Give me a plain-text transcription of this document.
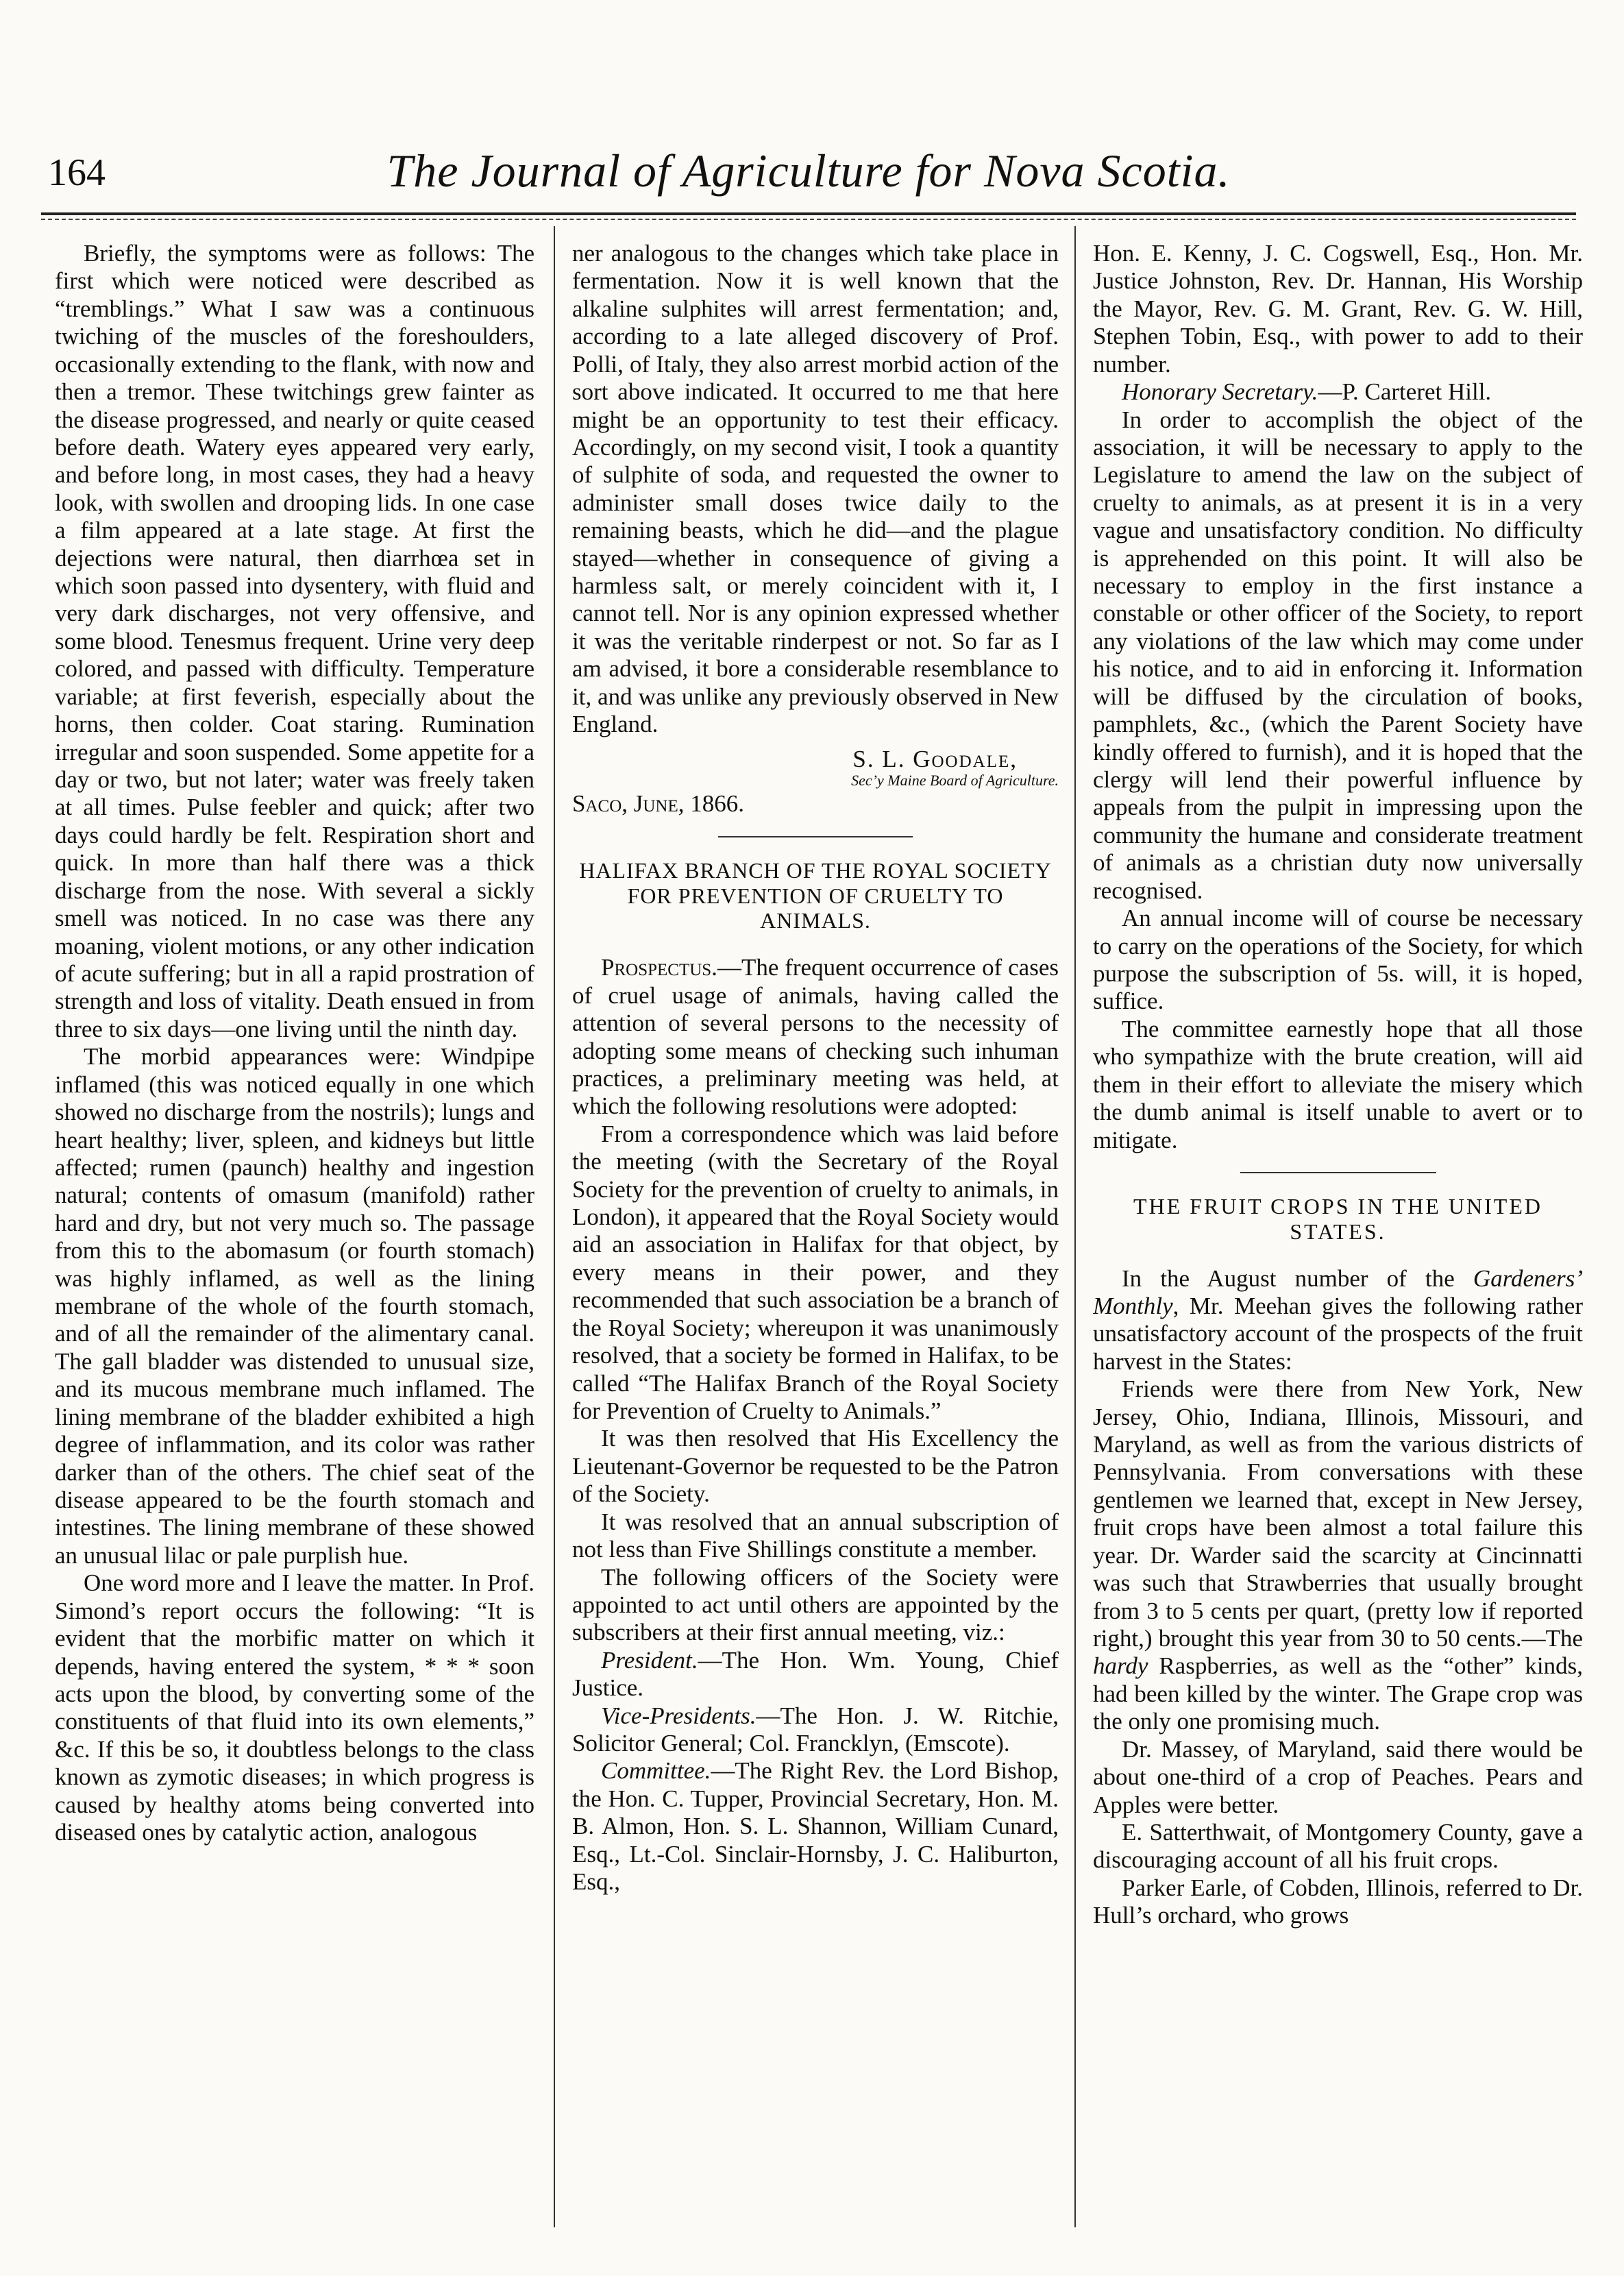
164	The Journal of Agriculture for Nova Scotia.

Briefly, the symptoms were as follows: The first which were noticed were described as “tremblings.” What I saw was a continuous twiching of the muscles of the foreshoulders, occasionally extending to the flank, with now and then a tremor. These twitchings grew fainter as the disease progressed, and nearly or quite ceased before death. Watery eyes appeared very early, and before long, in most cases, they had a heavy look, with swollen and drooping lids. In one case a film appeared at a late stage. At first the dejections were natural, then diarrhœa set in which soon passed into dysentery, with fluid and very dark discharges, not very offensive, and some blood. Tenesmus frequent. Urine very deep colored, and passed with difficulty. Temperature variable; at first feverish, especially about the horns, then colder. Coat staring. Rumination irregular and soon suspended. Some appetite for a day or two, but not later; water was freely taken at all times. Pulse feebler and quick; after two days could hardly be felt. Respiration short and quick. In more than half there was a thick discharge from the nose. With several a sickly smell was noticed. In no case was there any moaning, violent motions, or any other indication of acute suffering; but in all a rapid prostration of strength and loss of vitality. Death ensued in from three to six days—one living until the ninth day.

The morbid appearances were: Windpipe inflamed (this was noticed equally in one which showed no discharge from the nostrils); lungs and heart healthy; liver, spleen, and kidneys but little affected; rumen (paunch) healthy and ingestion natural; contents of omasum (manifold) rather hard and dry, but not very much so. The passage from this to the abomasum (or fourth stomach) was highly inflamed, as well as the lining membrane of the whole of the fourth stomach, and of all the remainder of the alimentary canal. The gall bladder was distended to unusual size, and its mucous membrane much inflamed. The lining membrane of the bladder exhibited a high degree of inflammation, and its color was rather darker than of the others. The chief seat of the disease appeared to be the fourth stomach and intestines. The lining membrane of these showed an unusual lilac or pale purplish hue.

One word more and I leave the matter. In Prof. Simond’s report occurs the following: “It is evident that the morbific matter on which it depends, having entered the system, * * * soon acts upon the blood, by converting some of the constituents of that fluid into its own elements,” &c. If this be so, it doubtless belongs to the class known as zymotic diseases; in which progress is caused by healthy atoms being converted into diseased ones by catalytic action, analogous

ner analogous to the changes which take place in fermentation. Now it is well known that the alkaline sulphites will arrest fermentation; and, according to a late alleged discovery of Prof. Polli, of Italy, they also arrest morbid action of the sort above indicated. It occurred to me that here might be an opportunity to test their efficacy. Accordingly, on my second visit, I took a quantity of sulphite of soda, and requested the owner to administer small doses twice daily to the remaining beasts, which he did—and the plague stayed—whether in consequence of giving a harmless salt, or merely coincident with it, I cannot tell. Nor is any opinion expressed whether it was the veritable rinderpest or not. So far as I am advised, it bore a considerable resemblance to it, and was unlike any previously observed in New England.

S. L. Goodale,

Sec’y Maine Board of Agriculture.

Saco, June, 1866.

HALIFAX BRANCH OF THE ROYAL SOCIETY FOR PREVENTION OF CRUELTY TO ANIMALS.

Prospectus.—The frequent occurrence of cases of cruel usage of animals, having called the attention of several persons to the necessity of adopting some means of checking such inhuman practices, a preliminary meeting was held, at which the following resolutions were adopted:

From a correspondence which was laid before the meeting (with the Secretary of the Royal Society for the prevention of cruelty to animals, in London), it appeared that the Royal Society would aid an association in Halifax for that object, by every means in their power, and they recommended that such association be a branch of the Royal Society; whereupon it was unanimously resolved, that a society be formed in Halifax, to be called “The Halifax Branch of the Royal Society for Prevention of Cruelty to Animals.”

It was then resolved that His Excellency the Lieutenant-Governor be requested to be the Patron of the Society.

It was resolved that an annual subscription of not less than Five Shillings constitute a member.

The following officers of the Society were appointed to act until others are appointed by the subscribers at their first annual meeting, viz.:

President.—The Hon. Wm. Young, Chief Justice.

Vice-Presidents.—The Hon. J. W. Ritchie, Solicitor General; Col. Francklyn, (Emscote).

Committee.—The Right Rev. the Lord Bishop, the Hon. C. Tupper, Provincial Secretary, Hon. M. B. Almon, Hon. S. L. Shannon, William Cunard, Esq., Lt.-Col. Sinclair-Hornsby, J. C. Haliburton, Esq.,

Hon. E. Kenny, J. C. Cogswell, Esq., Hon. Mr. Justice Johnston, Rev. Dr. Hannan, His Worship the Mayor, Rev. G. M. Grant, Rev. G. W. Hill, Stephen Tobin, Esq., with power to add to their number.

Honorary Secretary.—P. Carteret Hill.

In order to accomplish the object of the association, it will be necessary to apply to the Legislature to amend the law on the subject of cruelty to animals, as at present it is in a very vague and unsatisfactory condition. No difficulty is apprehended on this point. It will also be necessary to employ in the first instance a constable or other officer of the Society, to report any violations of the law which may come under his notice, and to aid in enforcing it. Information will be diffused by the circulation of books, pamphlets, &c., (which the Parent Society have kindly offered to furnish), and it is hoped that the clergy will lend their powerful influence by appeals from the pulpit in impressing upon the community the humane and considerate treatment of animals as a christian duty now universally recognised.

An annual income will of course be necessary to carry on the operations of the Society, for which purpose the subscription of 5s. will, it is hoped, suffice.

The committee earnestly hope that all those who sympathize with the brute creation, will aid them in their effort to alleviate the misery which the dumb animal is itself unable to avert or to mitigate.

THE FRUIT CROPS IN THE UNITED STATES.

In the August number of the Gardeners’ Monthly, Mr. Meehan gives the following rather unsatisfactory account of the prospects of the fruit harvest in the States:

Friends were there from New York, New Jersey, Ohio, Indiana, Illinois, Missouri, and Maryland, as well as from the various districts of Pennsylvania. From conversations with these gentlemen we learned that, except in New Jersey, fruit crops have been almost a total failure this year. Dr. Warder said the scarcity at Cincinnatti was such that Strawberries that usually brought from 3 to 5 cents per quart, (pretty low if reported right,) brought this year from 30 to 50 cents.—The hardy Raspberries, as well as the “other” kinds, had been killed by the winter. The Grape crop was the only one promising much.

Dr. Massey, of Maryland, said there would be about one-third of a crop of Peaches. Pears and Apples were better.

E. Satterthwait, of Montgomery County, gave a discouraging account of all his fruit crops.

Parker Earle, of Cobden, Illinois, referred to Dr. Hull’s orchard, who grows
